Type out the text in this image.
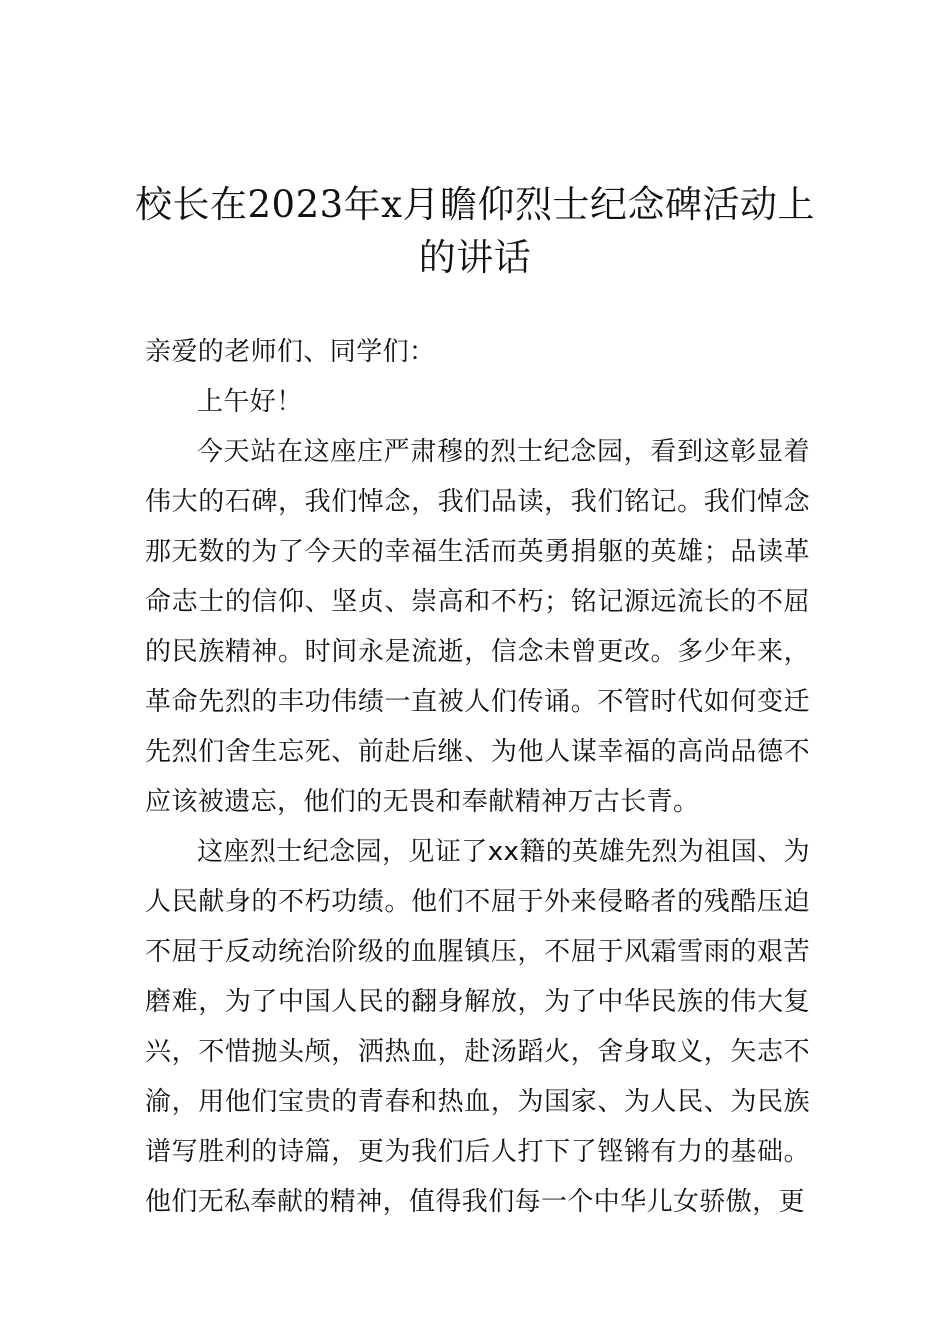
校长在2023年x月瞻仰烈士纪念碑活动上
的讲话

亲爱的老师们、同学们：

上午好！

今天站在这座庄严肃穆的烈士纪念园，看到这彰显着伟大的石碑，我们悼念，我们品读，我们铭记。我们悼念那无数的为了今天的幸福生活而英勇捐躯的英雄；品读革命志士的信仰、坚贞、崇高和不朽；铭记源远流长的不屈的民族精神。时间永是流逝，信念未曾更改。多少年来，革命先烈的丰功伟绩一直被人们传诵。不管时代如何变迁先烈们舍生忘死、前赴后继、为他人谋幸福的高尚品德不应该被遗忘，他们的无畏和奉献精神万古长青。

这座烈士纪念园，见证了xx籍的英雄先烈为祖国、为人民献身的不朽功绩。他们不屈于外来侵略者的残酷压迫不屈于反动统治阶级的血腥镇压，不屈于风霜雪雨的艰苦磨难，为了中国人民的翻身解放，为了中华民族的伟大复兴，不惜抛头颅，洒热血，赴汤蹈火，舍身取义，矢志不渝，用他们宝贵的青春和热血，为国家、为人民、为民族谱写胜利的诗篇，更为我们后人打下了铿锵有力的基础。他们无私奉献的精神，值得我们每一个中华儿女骄傲，更
